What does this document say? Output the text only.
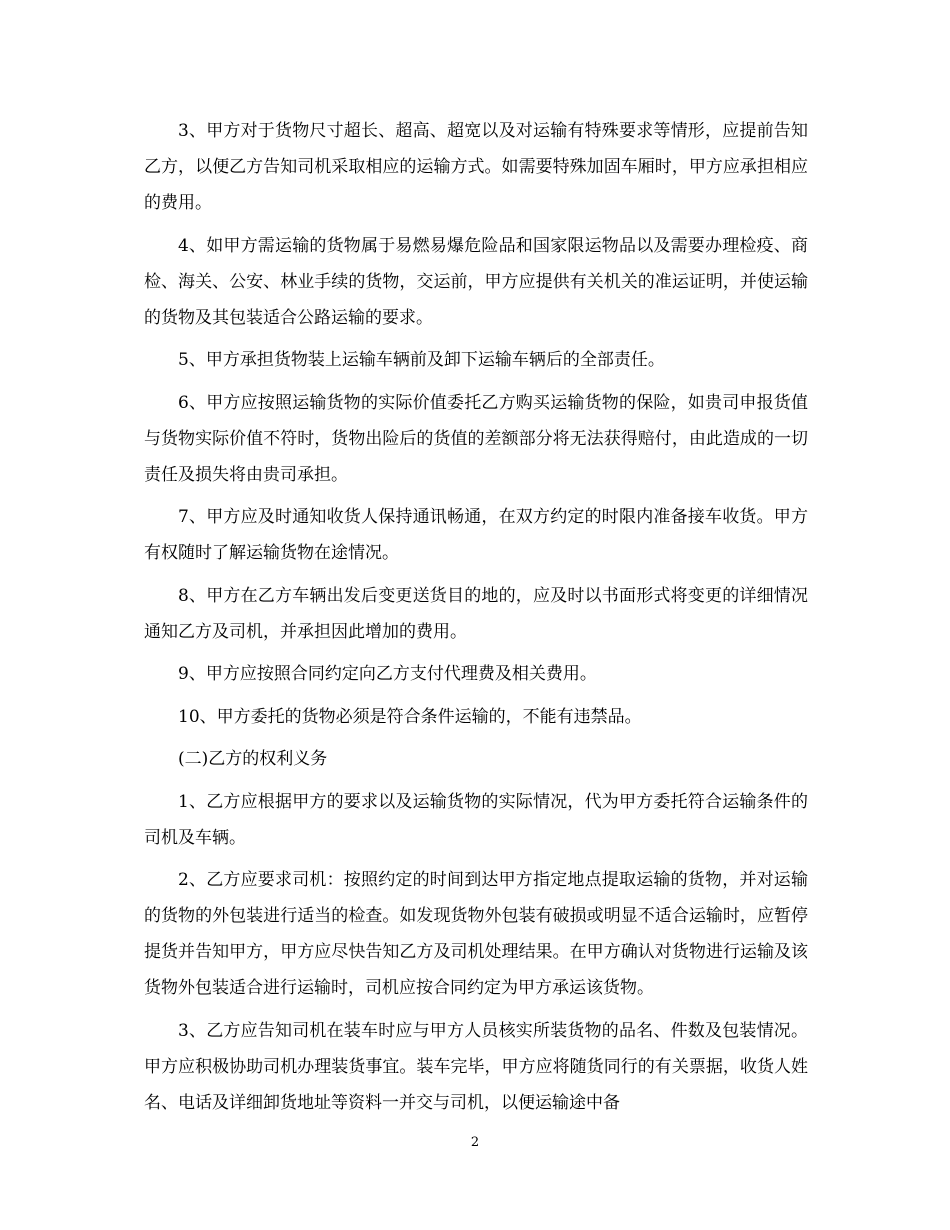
3、甲方对于货物尺寸超长、超高、超宽以及对运输有特殊要求等情形，应提前告知乙方，以便乙方告知司机采取相应的运输方式。如需要特殊加固车厢时，甲方应承担相应的费用。

4、如甲方需运输的货物属于易燃易爆危险品和国家限运物品以及需要办理检疫、商检、海关、公安、林业手续的货物，交运前，甲方应提供有关机关的准运证明，并使运输的货物及其包装适合公路运输的要求。

5、甲方承担货物装上运输车辆前及卸下运输车辆后的全部责任。

6、甲方应按照运输货物的实际价值委托乙方购买运输货物的保险，如贵司申报货值与货物实际价值不符时，货物出险后的货值的差额部分将无法获得赔付，由此造成的一切责任及损失将由贵司承担。

7、甲方应及时通知收货人保持通讯畅通，在双方约定的时限内准备接车收货。甲方有权随时了解运输货物在途情况。

8、甲方在乙方车辆出发后变更送货目的地的，应及时以书面形式将变更的详细情况通知乙方及司机，并承担因此增加的费用。

9、甲方应按照合同约定向乙方支付代理费及相关费用。

10、甲方委托的货物必须是符合条件运输的，不能有违禁品。

(二)乙方的权利义务

1、乙方应根据甲方的要求以及运输货物的实际情况，代为甲方委托符合运输条件的司机及车辆。

2、乙方应要求司机：按照约定的时间到达甲方指定地点提取运输的货物，并对运输的货物的外包装进行适当的检查。如发现货物外包装有破损或明显不适合运输时，应暂停提货并告知甲方，甲方应尽快告知乙方及司机处理结果。在甲方确认对货物进行运输及该货物外包装适合进行运输时，司机应按合同约定为甲方承运该货物。

3、乙方应告知司机在装车时应与甲方人员核实所装货物的品名、件数及包装情况。甲方应积极协助司机办理装货事宜。装车完毕，甲方应将随货同行的有关票据，收货人姓名、电话及详细卸货地址等资料一并交与司机，以便运输途中备

2
